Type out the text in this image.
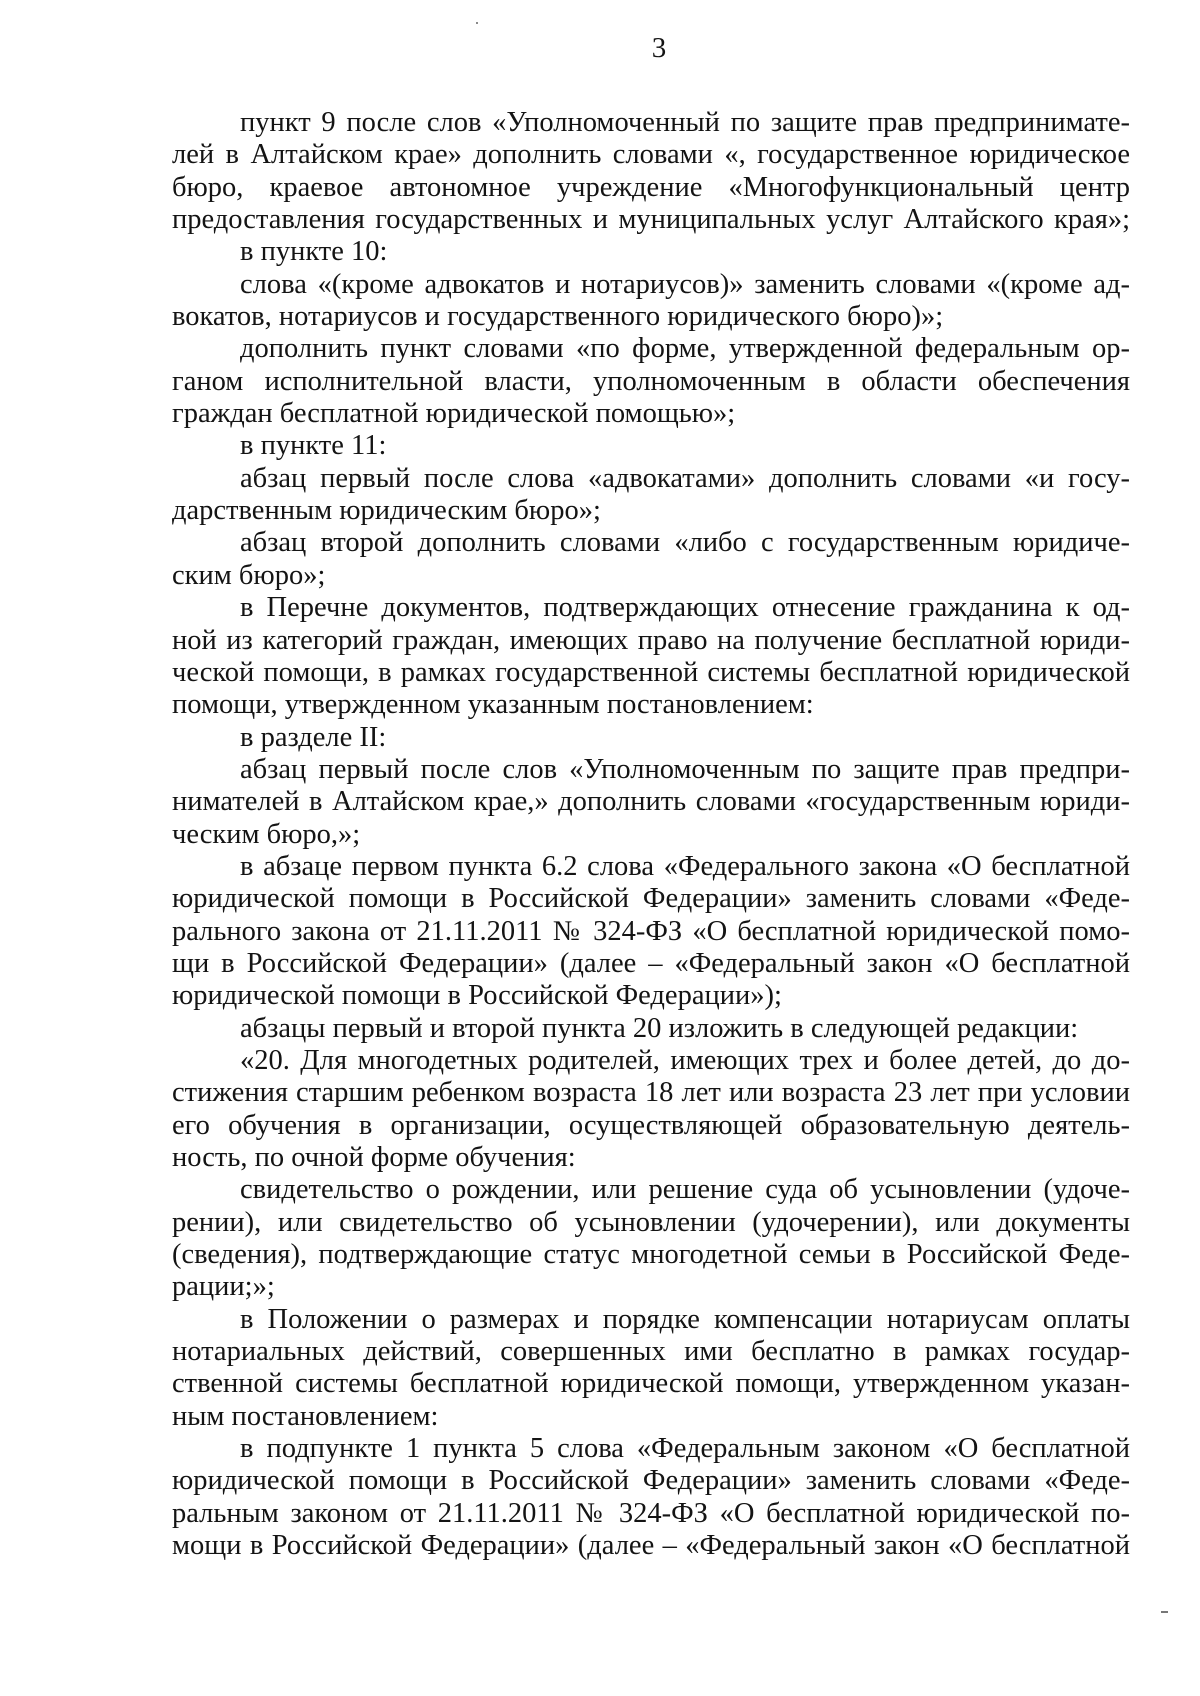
3
пункт 9 после слов «Уполномоченный по защите прав предпринимате-
лей в Алтайском крае» дополнить словами «, государственное юридическое
бюро, краевое автономное учреждение «Многофункциональный центр
предоставления государственных и муниципальных услуг Алтайского края»;
в пункте 10:
слова «(кроме адвокатов и нотариусов)» заменить словами «(кроме ад-
вокатов, нотариусов и государственного юридического бюро)»;
дополнить пункт словами «по форме, утвержденной федеральным ор-
ганом исполнительной власти, уполномоченным в области обеспечения
граждан бесплатной юридической помощью»;
в пункте 11:
абзац первый после слова «адвокатами» дополнить словами «и госу-
дарственным юридическим бюро»;
абзац второй дополнить словами «либо с государственным юридиче-
ским бюро»;
в Перечне документов, подтверждающих отнесение гражданина к од-
ной из категорий граждан, имеющих право на получение бесплатной юриди-
ческой помощи, в рамках государственной системы бесплатной юридической
помощи, утвержденном указанным постановлением:
в разделе II:
абзац первый после слов «Уполномоченным по защите прав предпри-
нимателей в Алтайском крае,» дополнить словами «государственным юриди-
ческим бюро,»;
в абзаце первом пункта 6.2 слова «Федерального закона «О бесплатной
юридической помощи в Российской Федерации» заменить словами «Феде-
рального закона от 21.11.2011 № 324-ФЗ «О бесплатной юридической помо-
щи в Российской Федерации» (далее – «Федеральный закон «О бесплатной
юридической помощи в Российской Федерации»);
абзацы первый и второй пункта 20 изложить в следующей редакции:
«20. Для многодетных родителей, имеющих трех и более детей, до до-
стижения старшим ребенком возраста 18 лет или возраста 23 лет при условии
его обучения в организации, осуществляющей образовательную деятель-
ность, по очной форме обучения:
свидетельство о рождении, или решение суда об усыновлении (удоче-
рении), или свидетельство об усыновлении (удочерении), или документы
(сведения), подтверждающие статус многодетной семьи в Российской Феде-
рации;»;
в Положении о размерах и порядке компенсации нотариусам оплаты
нотариальных действий, совершенных ими бесплатно в рамках государ-
ственной системы бесплатной юридической помощи, утвержденном указан-
ным постановлением:
в подпункте 1 пункта 5 слова «Федеральным законом «О бесплатной
юридической помощи в Российской Федерации» заменить словами «Феде-
ральным законом от 21.11.2011 № 324-ФЗ «О бесплатной юридической по-
мощи в Российской Федерации» (далее – «Федеральный закон «О бесплатной
